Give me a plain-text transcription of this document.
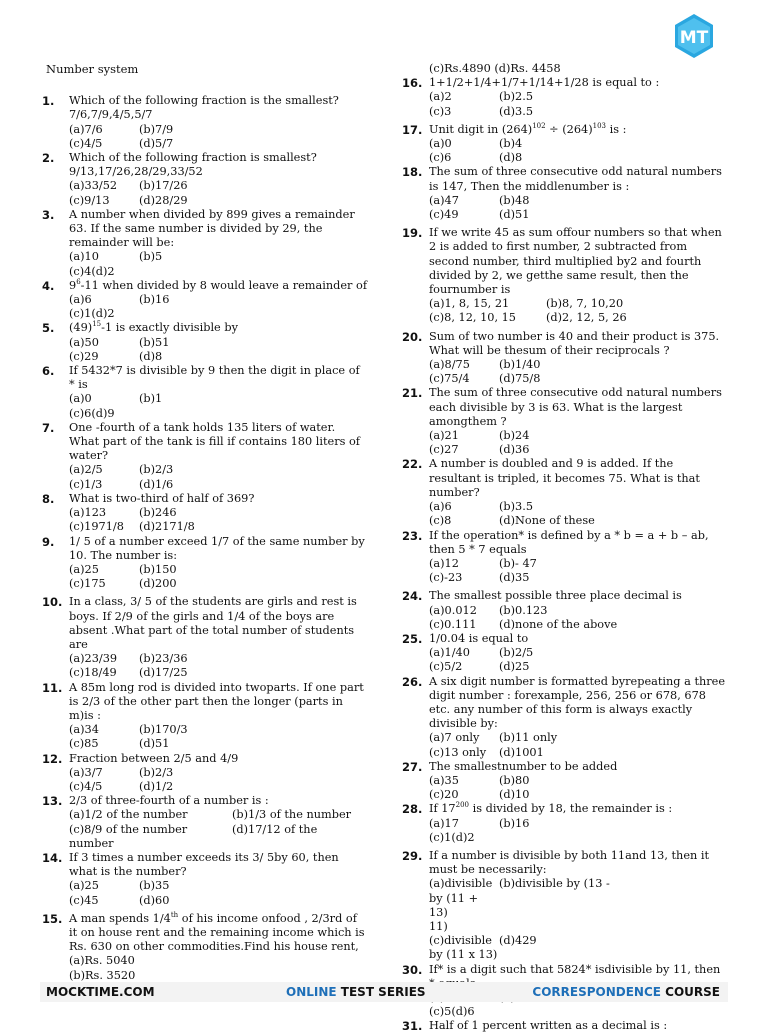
MT
Number system
1. Which of the following fraction is the smallest?
7/6,7/9,4/5,5/7
(a)7/6	(b)7/9
(c)4/5	(d)5/7
2. Which of the following fraction is smallest?
9/13,17/26,28/29,33/52
(a)33/52	(b)17/26
(c)9/13	(d)28/29
3. A number when divided by 899 gives a remainder 63. If the same number is divided by 29, the remainder will be:
(a)10	(b)5
(c)4(d)2
4. $9^6-11$ when divided by 8 would leave a remainder of
(a)6	(b)16
(c)1(d)2
5. $(49)^{15}-1$ is exactly divisible by
(a)50	(b)51
(c)29	(d)8
6. If 5432*7 is divisible by 9 then the digit in place of * is
(a)0	(b)1
(c)6(d)9
7. One -fourth of a tank holds 135 liters of water. What part of the tank is fill if contains 180 liters of water?
(a)2/5	(b)2/3
(c)1/3	(d)1/6
8. What is two-third of half of 369?
(a)123	(b)246
(c)1971/8	(d)2171/8
9. 1/ 5 of a number exceed 1/7 of the same number by 10. The number is:
(a)25	(b)150
(c)175	(d)200
10. In a class, 3/ 5 of the students are girls and rest is boys. If 2/9 of the girls and 1/4 of the boys are absent .What part of the total number of students are
(a)23/39	(b)23/36
(c)18/49	(d)17/25
11. A 85m long rod is divided into twoparts. If one part is 2/3 of the other part then the longer (parts in m)is :
(a)34	(b)170/3
(c)85	(d)51
12. Fraction between 2/5 and 4/9
(a)3/7	(b)2/3
(c)4/5	(d)1/2
13. 2/3 of three-fourth of a number is :
(a)1/2 of the number	(b)1/3 of the number
(c)8/9 of the number	(d)17/12 of the
number
14. If 3 times a number exceeds its 3/ 5by 60, then what is the number?
(a)25	(b)35
(c)45	(d)60
15. A man spends 1/4th of his income onfood , 2/3rd of it on house rent and the remaining income which is Rs. 630 on other commodities.Find his house rent,
(a)Rs. 5040 (b)Rs. 3520
(c)Rs.4890 (d)Rs. 4458
16. 1+1/2+1/4+1/7+1/14+1/28 is equal to :
(a)2	(b)2.5
(c)3	(d)3.5
17. Unit digit in $(264)^{102} \div (264)^{103}$ is :
(a)0	(b)4
(c)6	(d)8
18. The sum of three consecutive odd natural numbers is 147, Then the middlenumber is :
(a)47	(b)48
(c)49	(d)51
19. If we write 45 as sum offour numbers so that when 2 is added to first number, 2 subtracted from second number, third multiplied by2 and fourth divided by 2, we getthe same result, then the fournumber is
(a)1, 8, 15, 21	(b)8, 7, 10,20
(c)8, 12, 10, 15	(d)2, 12, 5, 26
20. Sum of two number is 40 and their product is 375. What will be thesum of their reciprocals ?
(a)8/75	(b)1/40
(c)75/4	(d)75/8
21. The sum of three consecutive odd natural numbers each divisible by 3 is 63. What is the largest amongthem ?
(a)21	(b)24
(c)27	(d)36
22. A number is doubled and 9 is added. If the resultant is tripled, it becomes 75. What is that number?
(a)6	(b)3.5
(c)8	(d)None of these
23. If the operation* is defined by a * b = a + b – ab, then 5 * 7 equals
(a)12	(b)- 47
(c)-23	(d)35
24. The smallest possible three place decimal is
(a)0.012	(b)0.123
(c)0.111	(d)none of the above
25. 1/0.04 is equal to
(a)1/40	(b)2/5
(c)5/2	(d)25
26. A six digit number is formatted byrepeating a three digit number : forexample, 256, 256 or 678, 678 etc. any number of this form is always exactly divisible by:
(a)7 only	(b)11 only
(c)13 only	(d)1001
27. The smallestnumber to be added
(a)35	(b)80
(c)20	(d)10
28. If $17^{200}$ is divided by 18, the remainder is :
(a)17	(b)16
(c)1(d)2
29. If a number is divisible by both 11and 13, then it must be necessarily:
(a)divisible by (11 + 13)
(b)divisible by (13 -
11)
(c)divisible by (11 x 13)
(d)429
30. If* is a digit such that 5824* isdivisible by 11, then
(c)5(d)6
31. Half of 1 percent written as a decimal is :
MOCKTIME.COM	ONLINE TEST SERIES	CORRESPONDENCE COURSE
